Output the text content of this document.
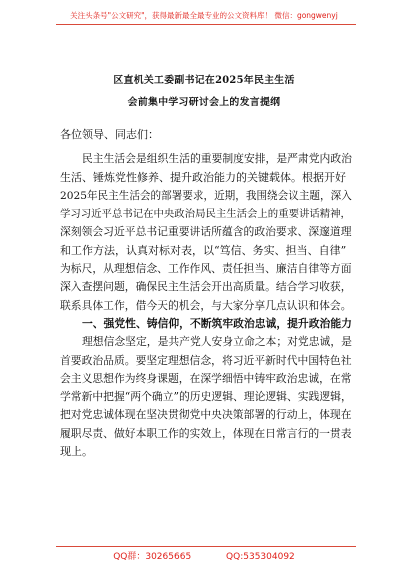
关注头条号"公文研究"，获得最新最全最专业的公文资料库！ 微信：gongwenyj
区直机关工委副书记在2025年民主生活
会前集中学习研讨会上的发言提纲

各位领导、同志们：

民主生活会是组织生活的重要制度安排，是严肃党内政治
生活、锤炼党性修养、提升政治能力的关键载体。根据开好
2025年民主生活会的部署要求，近期，我围绕会议主题，深入
学习习近平总书记在中央政治局民主生活会上的重要讲话精神，
深刻领会习近平总书记重要讲话所蕴含的政治要求、深邃道理
和工作方法，认真对标对表，以“笃信、务实、担当、自律”
为标尺，从理想信念、工作作风、责任担当、廉洁自律等方面
深入查摆问题，确保民主生活会开出高质量。结合学习收获，
联系具体工作，借今天的机会，与大家分享几点认识和体会。

一、强党性、铸信仰，不断筑牢政治忠诚，提升政治能力

理想信念坚定，是共产党人安身立命之本；对党忠诚，是
首要政治品质。要坚定理想信念，将习近平新时代中国特色社
会主义思想作为终身课题，在深学细悟中铸牢政治忠诚，在常
学常新中把握“两个确立”的历史逻辑、理论逻辑、实践逻辑，
把对党忠诚体现在坚决贯彻党中央决策部署的行动上，体现在
履职尽责、做好本职工作的实效上，体现在日常言行的一贯表
现上。
QQ群：30265665	QQ:535304092
